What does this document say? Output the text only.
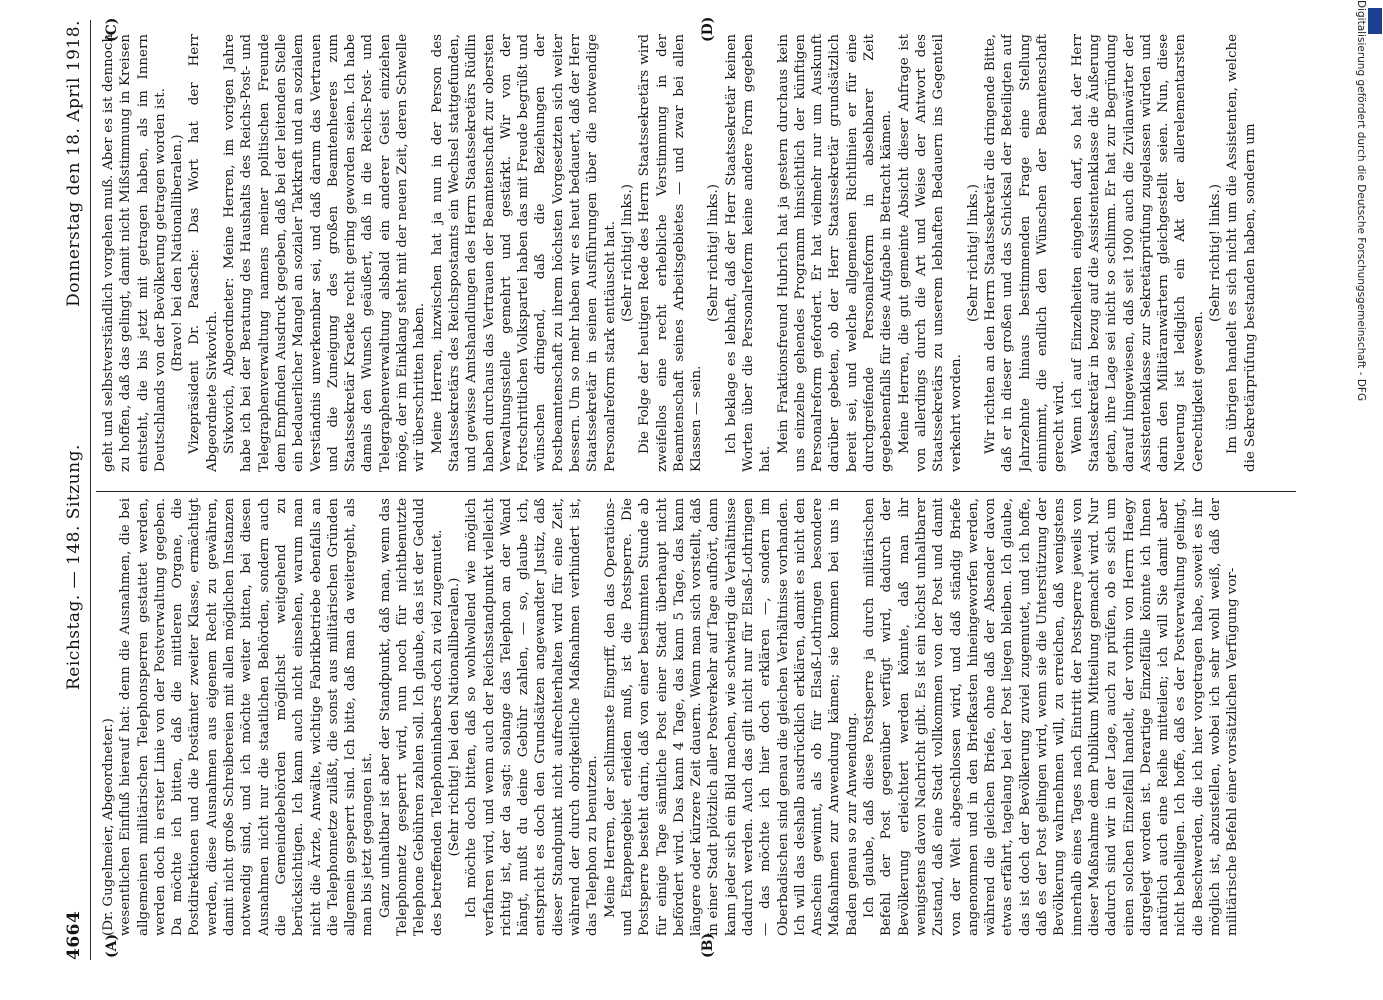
4664
Reichstag. — 148. Sitzung.
Donnerstag den 18. April 1918.
(A)	(B)
(C)	(D)

(Dr. Gugelmeier, Abgeordneter.) wesentlichen Einfluß hierauf hat: denn die Ausnahmen, die bei allgemeinen militärischen Telephonsperren gestattet werden, werden doch in erster Linie von der Postverwaltung gegeben. Da möchte ich bitten, daß die mittleren Organe, die Postdirektionen und die Postämter zweiter Klasse, ermächtigt werden, diese Ausnahmen aus eigenem Recht zu gewähren, damit nicht große Schreibereien mit allen möglichen Instanzen notwendig sind, und ich möchte weiter bitten, bei diesen Ausnahmen nicht nur die staatlichen Behörden, sondern auch die Gemeindebehörden möglichst weitgehend zu berücksichtigen. Ich kann auch nicht einsehen, warum man nicht die Ärzte, Anwälte, wichtige Fabrikbetriebe ebenfalls an die Telephonnetze zuläßt, die sonst aus militärischen Gründen allgemein gesperrt sind. Ich bitte, daß man da weitergeht, als man bis jetzt gegangen ist. Ganz unhaltbar ist aber der Standpunkt, daß man, wenn das Telephonnetz gesperrt wird, nun noch für nichtbenutzte Telephone Gebühren zahlen soll. Ich glaube, das ist der Geduld des betreffenden Telephoninhabers doch zu viel zugemutet. (Sehr richtig! bei den Nationalliberalen.) Ich möchte doch bitten, daß so wohlwollend wie möglich verfahren wird, und wenn auch der Reichsstandpunkt vielleicht richtig ist, der da sagt: solange das Telephon an der Wand hängt, mußt du deine Gebühr zahlen, — so, glaube ich, entspricht es doch den Grundsätzen angewandter Justiz, daß dieser Standpunkt nicht aufrechterhalten wird für eine Zeit, während der durch obrigkeitliche Maßnahmen verhindert ist, das Telephon zu benutzen. Meine Herren, der schlimmste Eingriff, den das Operations- und Etappengebiet erleiden muß, ist die Postsperre. Die Postsperre besteht darin, daß von einer bestimmten Stunde ab für einige Tage sämtliche Post einer Stadt überhaupt nicht befördert wird. Das kann 4 Tage, das kann 5 Tage, das kann längere oder kürzere Zeit dauern. Wenn man sich vorstellt, daß in einer Stadt plötzlich aller Postverkehr auf Tage aufhört, dann kann jeder sich ein Bild machen, wie schwierig die Verhältnisse dadurch werden. Auch das gilt nicht nur für Elsaß-Lothringen — das möchte ich hier doch erklären —, sondern im Oberbadischen sind genau die gleichen Verhältnisse vorhanden. Ich will das deshalb ausdrücklich erklären, damit es nicht den Anschein gewinnt, als ob für Elsaß-Lothringen besondere Maßnahmen zur Anwendung kämen; sie kommen bei uns in Baden genau so zur Anwendung. Ich glaube, daß diese Postsperre ja durch militärischen Befehl der Post gegenüber verfügt wird, dadurch der Bevölkerung erleichtert werden könnte, daß man ihr wenigstens davon Nachricht gibt. Es ist ein höchst unhaltbarer Zustand, daß eine Stadt vollkommen von der Post und damit von der Welt abgeschlossen wird, und daß ständig Briefe angenommen und in den Briefkasten hineingeworfen werden, während die gleichen Briefe, ohne daß der Absender davon etwas erfährt, tagelang bei der Post liegen bleiben. Ich glaube, das ist doch der Bevölkerung zuviel zugemutet, und ich hoffe, daß es der Post gelingen wird, wenn sie die Unterstützung der Bevölkerung wahrnehmen will, zu erreichen, daß wenigstens innerhalb eines Tages nach Eintritt der Postsperre jeweils von dieser Maßnahme dem Publikum Mitteilung gemacht wird. Nur dadurch sind wir in der Lage, auch zu prüfen, ob es sich um einen solchen Einzelfall handelt, der vorhin von Herrn Haegy dargelegt worden ist. Derartige Einzelfälle könnte ich Ihnen natürlich auch eine Reihe mitteilen; ich will Sie damit aber nicht behelligen. Ich hoffe, daß es der Postverwaltung gelingt, die Beschwerden, die ich hier vorgetragen habe, soweit es ihr möglich ist, abzustellen, wobei ich sehr wohl weiß, daß der militärische Befehl einer vorsätzlichen Verfügung vor-

geht und selbstverständlich vorgehen muß. Aber es ist dennoch zu hoffen, daß das gelingt, damit nicht Mißstimmung in Kreisen entsteht, die bis jetzt mit getragen haben, als im Innern Deutschlands von der Bevölkerung getragen worden ist. (Bravo! bei den Nationalliberalen.) Vizepräsident Dr. Paasche: Das Wort hat der Herr Abgeordnete Sivkovich. Sivkovich, Abgeordneter: Meine Herren, im vorigen Jahre habe ich bei der Beratung des Haushalts des Reichs-Post- und Telegraphenverwaltung namens meiner politischen Freunde dem Empfinden Ausdruck gegeben, daß bei der leitenden Stelle ein bedauerlicher Mangel an sozialer Taktkraft und an sozialem Verständnis unverkennbar sei, und daß darum das Vertrauen und die Zuneigung des großen Beamtenheeres zum Staatssekretär Kraetke recht gering geworden seien. Ich habe damals den Wunsch geäußert, daß in die Reichs-Post- und Telegraphenverwaltung alsbald ein anderer Geist einziehen möge, der im Einklang steht mit der neuen Zeit, deren Schwelle wir überschritten haben. Meine Herren, inzwischen hat ja nun in der Person des Staatssekretärs des Reichspostamts ein Wechsel stattgefunden, und gewisse Amtshandlungen des Herrn Staatssekretärs Rüdlin haben durchaus das Vertrauen der Beamtenschaft zur obersten Verwaltungsstelle gemehrt und gestärkt. Wir von der Fortschrittlichen Volkspartei haben das mit Freude begrüßt und wünschen dringend, daß die Beziehungen der Postbeamtenschaft zu ihrem höchsten Vorgesetzten sich weiter bessern. Um so mehr haben wir es heut bedauert, daß der Herr Staatssekretär in seinen Ausführungen über die notwendige Personalreform stark enttäuscht hat. (Sehr richtig! links.) Die Folge der heutigen Rede des Herrn Staatssekretärs wird zweifellos eine recht erhebliche Verstimmung in der Beamtenschaft seines Arbeitsgebietes — und zwar bei allen Klassen — sein.

(Sehr richtig! links.) Ich beklage es lebhaft, daß der Herr Staatssekretär keinen Worten über die Personalreform keine andere Form gegeben hat.

Mein Fraktionsfreund Hubrich hat ja gestern durchaus kein uns einzelne gehendes Programm hinsichtlich der künftigen Personalreform gefordert. Er hat vielmehr nur um Auskunft darüber gebeten, ob der Herr Staatssekretär grundsätzlich bereit sei, und welche allgemeinen Richtlinien er für eine durchgreifende Personalreform in absehbarer Zeit gegebenenfalls für diese Aufgabe in Betracht kämen. Meine Herren, die gut gemeinte Absicht dieser Anfrage ist von allerdings durch die Art und Weise der Antwort des Staatssekretärs zu unserem lebhaften Bedauern ins Gegenteil verkehrt worden.

(Sehr richtig! links.) Wir richten an den Herrn Staatssekretär die dringende Bitte, daß er in dieser großen und das Schicksal der Beteiligten auf Jahrzehnte hinaus bestimmenden Frage eine Stellung einnimmt, die endlich den Wünschen der Beamtenschaft gerecht wird. Wenn ich auf Einzelheiten eingehen darf, so hat der Herr Staatssekretär in bezug auf die Assistentenklasse die Äußerung getan, ihre Lage sei nicht so schlimm. Er hat zur Begründung darauf hingewiesen, daß seit 1900 auch die Zivilanwärter der Assistentenklasse zur Sekretärprüfung zugelassen würden und darin den Militäranwärtern gleichgestellt seien. Nun, diese Neuerung ist lediglich ein Akt der allerelementarsten Gerechtigkeit gewesen.

(Sehr richtig! links.) Im übrigen handelt es sich nicht um die Assistenten, welche die Sekretärprüfung bestanden haben, sondern um	Digitalisierung gefördert durch die Deutsche Forschungsgemeinschaft - DFG
